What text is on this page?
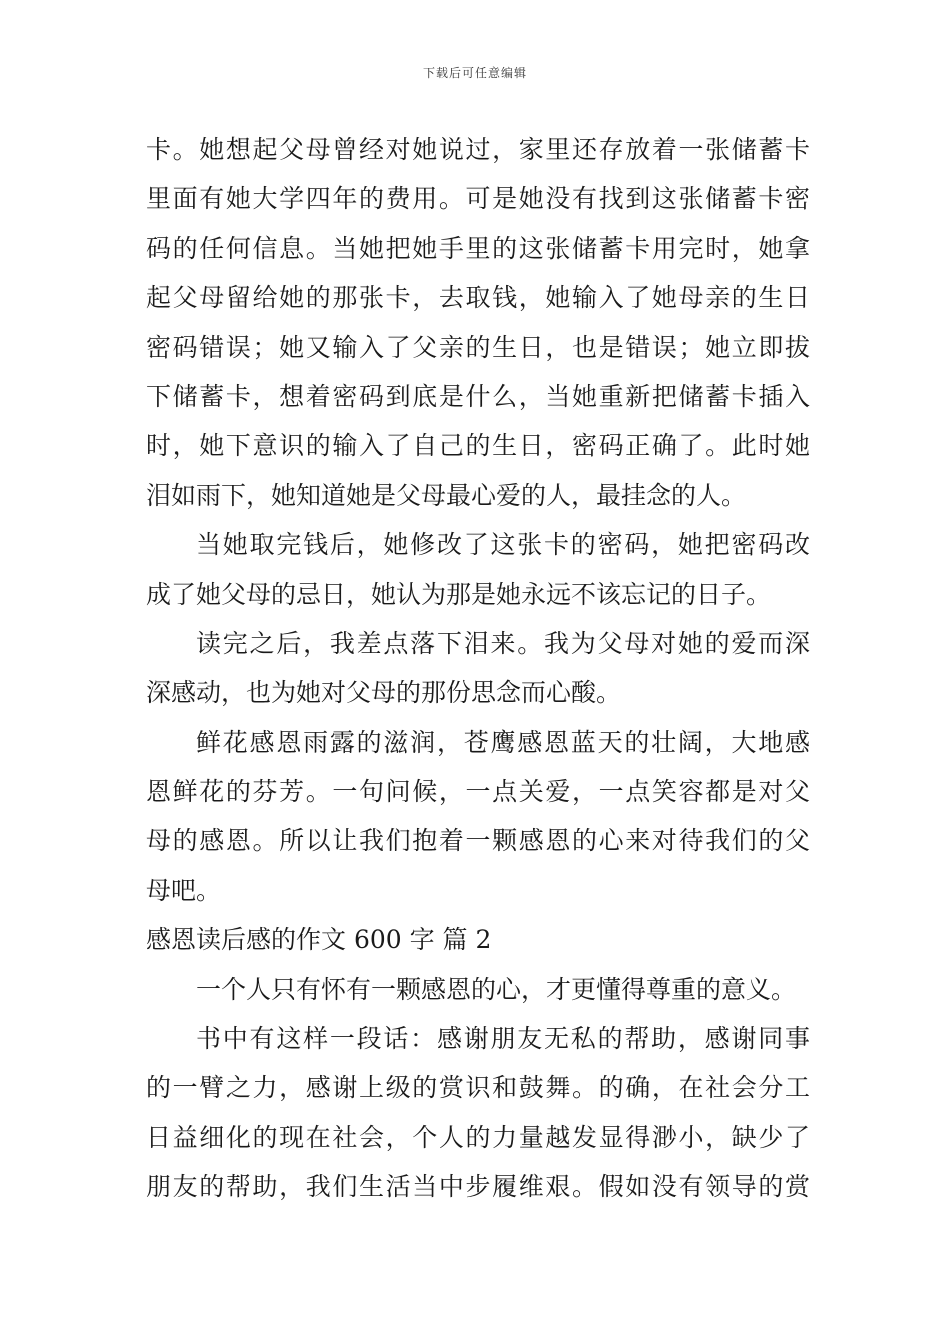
下载后可任意编辑
卡。她想起父母曾经对她说过，家里还存放着一张储蓄卡
里面有她大学四年的费用。可是她没有找到这张储蓄卡密
码的任何信息。当她把她手里的这张储蓄卡用完时，她拿
起父母留给她的那张卡，去取钱，她输入了她母亲的生日
密码错误；她又输入了父亲的生日，也是错误；她立即拔
下储蓄卡，想着密码到底是什么，当她重新把储蓄卡插入
时，她下意识的输入了自己的生日，密码正确了。此时她
泪如雨下，她知道她是父母最心爱的人，最挂念的人。
当她取完钱后，她修改了这张卡的密码，她把密码改
成了她父母的忌日，她认为那是她永远不该忘记的日子。
读完之后，我差点落下泪来。我为父母对她的爱而深
深感动，也为她对父母的那份思念而心酸。
鲜花感恩雨露的滋润，苍鹰感恩蓝天的壮阔，大地感
恩鲜花的芬芳。一句问候，一点关爱，一点笑容都是对父
母的感恩。所以让我们抱着一颗感恩的心来对待我们的父
母吧。
感恩读后感的作文 600 字 篇 2
一个人只有怀有一颗感恩的心，才更懂得尊重的意义。
书中有这样一段话：感谢朋友无私的帮助，感谢同事
的一臂之力，感谢上级的赏识和鼓舞。的确，在社会分工
日益细化的现在社会，个人的力量越发显得渺小，缺少了
朋友的帮助，我们生活当中步履维艰。假如没有领导的赏
